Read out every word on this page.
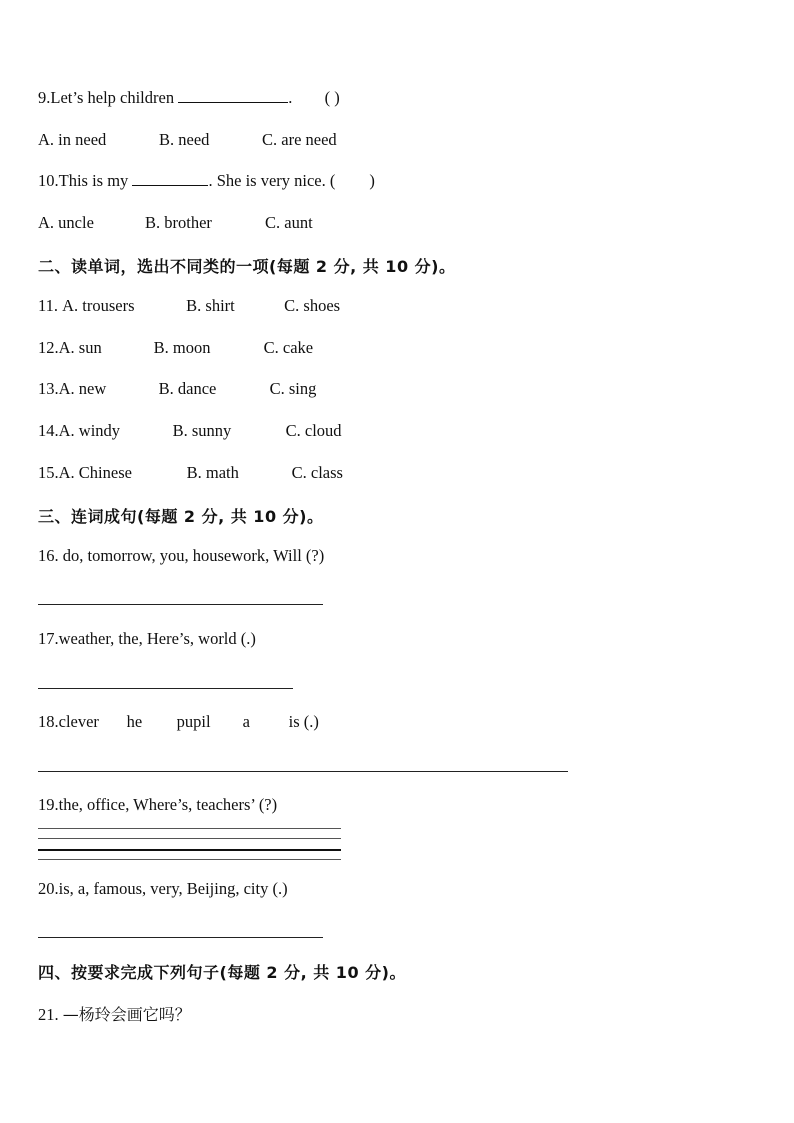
9.Let’s help children	. ( )
A. in need	B. need	C. are need
10.This is my	. She is very nice. ( )
A. uncle	B. brother	C. aunt
二、读单词，选出不同类的一项(每题 2 分, 共 10 分)。
11. A. trousers	B. shirt	C. shoes
12.A. sun	B. moon	C. cake
13.A. new	B. dance	C. sing
14.A. windy	B. sunny	C. cloud
15.A. Chinese	B. math	C. class
三、连词成句(每题 2 分, 共 10 分)。
16. do, tomorrow, you, housework, Will (?)
17.weather, the, Here’s, world (.)
18.clever he pupil a is (.)
19.the, office, Where’s, teachers’ (?)
20.is, a, famous, very, Beijing, city (.)
四、按要求完成下列句子(每题 2 分, 共 10 分)。
21. —杨玲会画它吗？
